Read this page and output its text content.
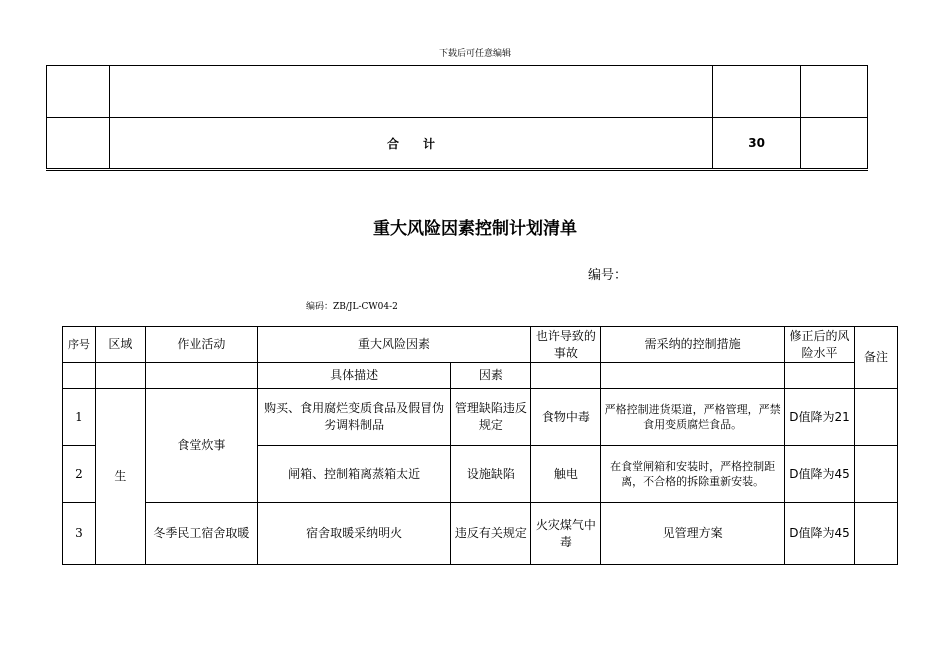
下载后可任意编辑

	合　　计	30	
重大风险因素控制计划清单
编号：
编码：ZB/JL-CW04-2
序号	区域	作业活动	重大风险因素		也许导致的事故	需采纳的控制措施	修正后的风险水平	备注
			具体描述	因素				
1	生	食堂炊事	购买、食用腐烂变质食品及假冒伪劣调料制品	管理缺陷违反规定	食物中毒	严格控制进货渠道，严格管理，严禁食用变质腐烂食品。	D值降为21	
2			闸箱、控制箱离蒸箱太近	设施缺陷	触电	在食堂闸箱和安装时，严格控制距离，不合格的拆除重新安装。	D值降为45	
3		冬季民工宿舍取暖	宿舍取暖采纳明火	违反有关规定	火灾煤气中毒	见管理方案	D值降为45	
